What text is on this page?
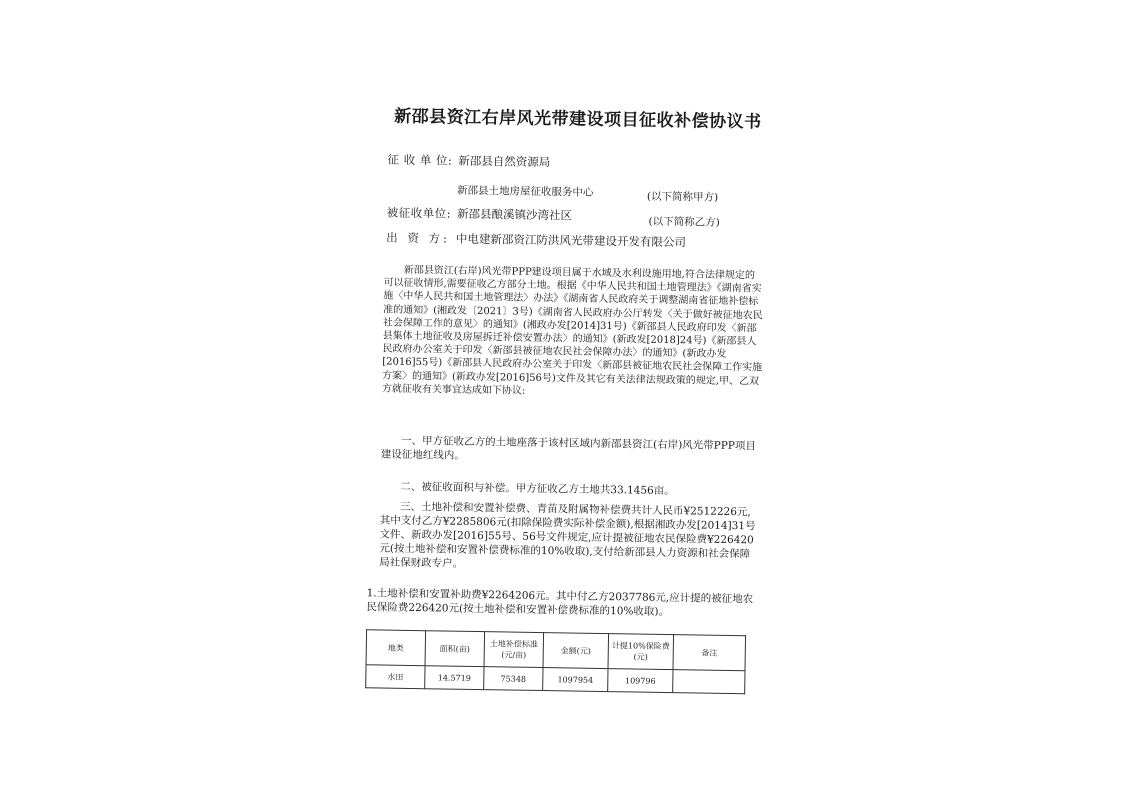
新邵县资江右岸风光带建设项目征收补偿协议书
征 收 单 位: 新邵县自然资源局
新邵县土地房屋征收服务中心	(以下简称甲方)
被征收单位: 新邵县酿溪镇沙湾社区	(以下简称乙方)
出 资 方: 中电建新邵资江防洪风光带建设开发有限公司

新邵县资江(右岸)风光带PPP建设项目属于水域及水利设施用地,符合法律规定的可以征收情形,需要征收乙方部分土地。根据《中华人民共和国土地管理法》《湖南省实施〈中华人民共和国土地管理法〉办法》《湖南省人民政府关于调整湖南省征地补偿标准的通知》(湘政发〔2021〕3号)《湖南省人民政府办公厅转发〈关于做好被征地农民社会保障工作的意见〉的通知》(湘政办发[2014]31号)《新邵县人民政府印发〈新邵县集体土地征收及房屋拆迁补偿安置办法〉的通知》(新政发[2018]24号)《新邵县人民政府办公室关于印发〈新邵县被征地农民社会保障办法〉的通知》(新政办发[2016]55号)《新邵县人民政府办公室关于印发〈新邵县被征地农民社会保障工作实施方案〉的通知》(新政办发[2016]56号)文件及其它有关法律法规政策的规定,甲、乙双方就征收有关事宜达成如下协议:

一、甲方征收乙方的土地座落于该村区域内新邵县资江(右岸)风光带PPP项目建设征地红线内。

二、被征收面积与补偿。甲方征收乙方土地共33.1456亩。

三、土地补偿和安置补偿费、青苗及附属物补偿费共计人民币¥2512226元,其中支付乙方¥2285806元(扣除保险费实际补偿金额),根据湘政办发[2014]31号文件、新政办发[2016]55号、56号文件规定,应计提被征地农民保险费¥226420元(按土地补偿和安置补偿费标准的10%收取),支付给新邵县人力资源和社会保障局社保财政专户。

1.土地补偿和安置补助费¥2264206元。其中付乙方2037786元,应计提的被征地农民保险费226420元(按土地补偿和安置补偿费标准的10%收取)。

地类	面积(亩)	土地补偿标准(元/亩)	金额(元)	计提10%保险费(元)	备注
水田	14.5719	75348	1097954	109796	
